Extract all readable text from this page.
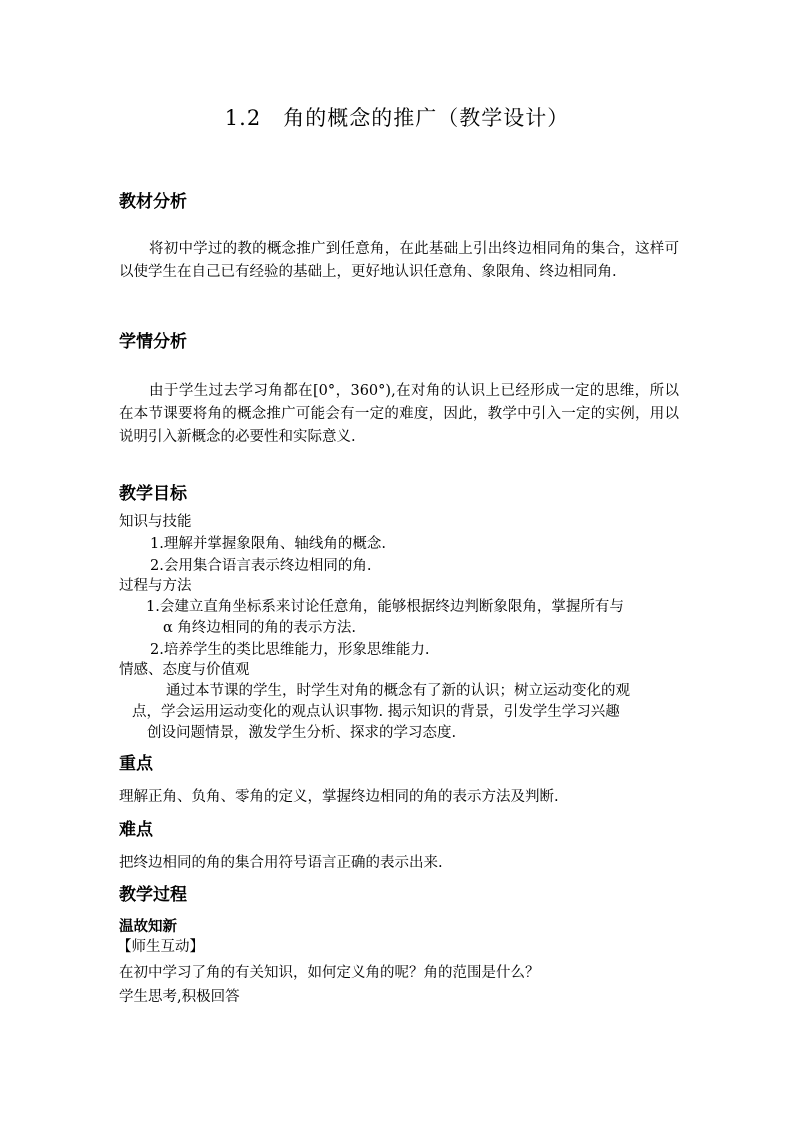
1.2　角的概念的推广（教学设计）
教材分析
将初中学过的教的概念推广到任意角，在此基础上引出终边相同角的集合，这样可以使学生在自己已有经验的基础上，更好地认识任意角、象限角、终边相同角.
学情分析
由于学生过去学习角都在[0°，360°),在对角的认识上已经形成一定的思维，所以在本节课要将角的概念推广可能会有一定的难度，因此，教学中引入一定的实例，用以说明引入新概念的必要性和实际意义.
教学目标
知识与技能
1.理解并掌握象限角、轴线角的概念.
2.会用集合语言表示终边相同的角.
过程与方法
1.会建立直角坐标系来讨论任意角，能够根据终边判断象限角，掌握所有与
α 角终边相同的角的表示方法.
2.培养学生的类比思维能力，形象思维能力.
情感、态度与价值观
通过本节课的学生，时学生对角的概念有了新的认识；树立运动变化的观
点，学会运用运动变化的观点认识事物. 揭示知识的背景，引发学生学习兴趣
创设问题情景，激发学生分析、探求的学习态度.
重点
理解正角、负角、零角的定义，掌握终边相同的角的表示方法及判断.
难点
把终边相同的角的集合用符号语言正确的表示出来.
教学过程
温故知新
【师生互动】
在初中学习了角的有关知识，如何定义角的呢？角的范围是什么？
学生思考,积极回答
